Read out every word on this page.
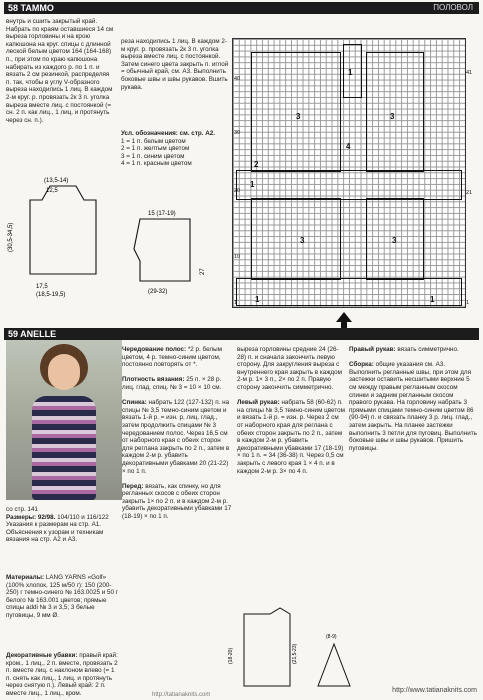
58 TAMMO	ПОЛОВОЛ
внутрь и сшить закрытый край. Набрать по краям оставшиеся 14 см выреза горловины и на крою капюшона на круг. спицы с длинной леской белым цветом 164 (164-168) п., при этом по краю капюшона набирать из каждого р. по 1 п. и вязать 2 см резинкой, распределяя п. так, чтобы в углу V-образного выреза находились 1 лиц. В каждом 2-м круг. р. провязать 2к 3 п. уголка выреза вместе лиц. с постоянкой (= сн. 2 п. как лиц., 1 лиц. и протянуть через сн. п.).
резa находились 1 лиц. В каждом 2-м круг. р. провязать 2к 3 п. уголка выреза вместе лиц. с постоянкой. Затем синего цвета закрыть п. иглой = обычный край, см. А3. Выполнить боковые швы и швы рукавов. Вшить рукава.
Усл. обозначения: см. стр. А2.
1 = 1 п. белым цветом
2 = 1 п. желтым цветом
3 = 1 п. синим цветом
4 = 1 п. красным цветом
(13,5-14)
12,5
17,5
(18,5-19,5)
(30,5-34,5)
15 (17-19)
(29-32)
27
3	3
1
4
2
1
3	3
1	1
40
30
20
10
1
41
21
1
59 ANELLE
со стр. 141
Размеры: 92/98. 104/110 и 116/122
Указания к размерам на стр. А1. Объяснения к узорам и техникам вязания на стр. А2 и А3.
Материалы: LANG YARNS «Golf» (100% хлопок, 125 м/50 г): 150 (200-250) г темно-синего № 163.0025 и 50 г белого № 163.001 цветов; прямые спицы addi № 3 и 3,5; 3 белые пуговицы, 9 мм Ø.
Декоративные убавки: правый край: кром., 1 лиц., 2 п. вместе, провязать 2 п. вместе лиц. с наклоном влево (= 1 п. снять как лиц., 1 лиц. и протянуть через снятую п.). Левый край: 2 п. вместе лиц., 1 лиц., кром.
Чередование полос: *2 р. белым цветом, 4 р. темно-синим цветом, постоянно повторять от *.

Плотность вязания: 25 п. × 28 р. лиц. глад. спиц. № 3 = 10 × 10 см.

Спинка: набрать 122 (127-132) п. на спицы № 3,5 темно-синим цветом и вязать 1-й р. = изн. р. лиц. глад., затем продолжить спицами № 3 чередованием полос. Через 16,5 см от наборного края с обеих сторон для реглана закрыть по 2 п., затем в каждом 2-м р. убавить декоративными убавками 20 (21-22) × по 1 п.

Перед: вязать, как спинку, но для регланных скосов с обеих сторон закрыть 1× по 2 п. и в каждом 2-м р. убавить декоративными убавками 17 (18-19) × по 1 п.
выреза горловины средние 24 (26-28) п. и сначала закончить левую сторону. Для закругления выреза с внутреннего края закрыть в каждом 2-м р. 1× 3 п., 2× по 2 п. Правую сторону закончить симметрично.

Левый рукав: набрать 58 (60-62) п. на спицы № 3,5 темно-синим цветом и вязать 1-й р. = изн. р. Через 2 см от наборного края для реглана с обеих сторон закрыть по 2 п., затем в каждом 2-м р. убавить декоративными убавками 17 (18-19) × по 1 п. = 34 (36-38) п. Через 0,5 см закрыть с левого края 1 × 4 п. и в каждом 2-м р. 3× по 4 п.
Правый рукав: вязать симметрично.

Сборка: общие указания см. А3. Выполнить регланные швы, при этом для застежки оставить несшитыми верхние 5 см между правым регланным скосом спинки и задним регланным скосом правого рукава. На горловину набрать 3 прямыми спицами темно-синим цветом 86 (90-94) п. и связать планку 3 р. лиц. глад., затем закрыть. На планке застежки выполнить 3 петли для пуговиц. Выполнить боковые швы и швы рукавов. Пришить пуговицы.
(21,5-23)
(18-20)
(8-9)
http://www.tatianaknits.com
http://tatianaknits.com
